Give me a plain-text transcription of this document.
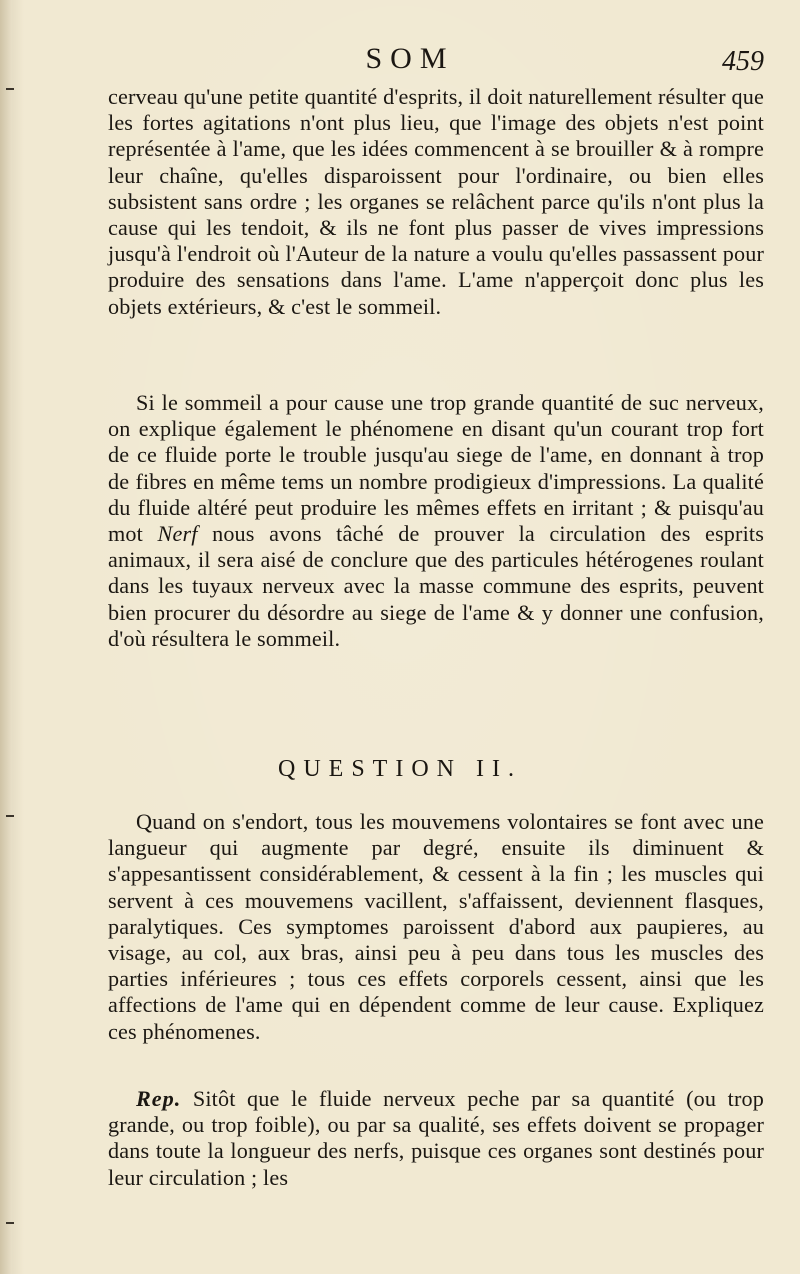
SOM	459

cerveau qu'une petite quantité d'esprits, il doit naturellement résulter que les fortes agitations n'ont plus lieu, que l'image des objets n'est point représentée à l'ame, que les idées commencent à se brouiller & à rompre leur chaîne, qu'elles disparoissent pour l'ordinaire, ou bien elles subsistent sans ordre ; les organes se relâchent parce qu'ils n'ont plus la cause qui les tendoit, & ils ne font plus passer de vives impressions jusqu'à l'endroit où l'Auteur de la nature a voulu qu'elles passassent pour produire des sensations dans l'ame. L'ame n'apperçoit donc plus les objets extérieurs, & c'est le sommeil.

Si le sommeil a pour cause une trop grande quantité de suc nerveux, on explique également le phénomene en disant qu'un courant trop fort de ce fluide porte le trouble jusqu'au siege de l'ame, en donnant à trop de fibres en même tems un nombre prodigieux d'impressions. La qualité du fluide altéré peut produire les mêmes effets en irritant ; & puisqu'au mot Nerf nous avons tâché de prouver la circulation des esprits animaux, il sera aisé de conclure que des particules hétérogenes roulant dans les tuyaux nerveux avec la masse commune des esprits, peuvent bien procurer du désordre au siege de l'ame & y donner une confusion, d'où résultera le sommeil.

QUESTION II.

Quand on s'endort, tous les mouvemens volontaires se font avec une langueur qui augmente par degré, ensuite ils diminuent & s'appesantissent considérablement, & cessent à la fin ; les muscles qui servent à ces mouvemens vacillent, s'affaissent, deviennent flasques, paralytiques. Ces symptomes paroissent d'abord aux paupieres, au visage, au col, aux bras, ainsi peu à peu dans tous les muscles des parties inférieures ; tous ces effets corporels cessent, ainsi que les affections de l'ame qui en dépendent comme de leur cause. Expliquez ces phénomenes.

Rep. Sitôt que le fluide nerveux peche par sa quantité (ou trop grande, ou trop foible), ou par sa qualité, ses effets doivent se propager dans toute la longueur des nerfs, puisque ces organes sont destinés pour leur circulation ; les
